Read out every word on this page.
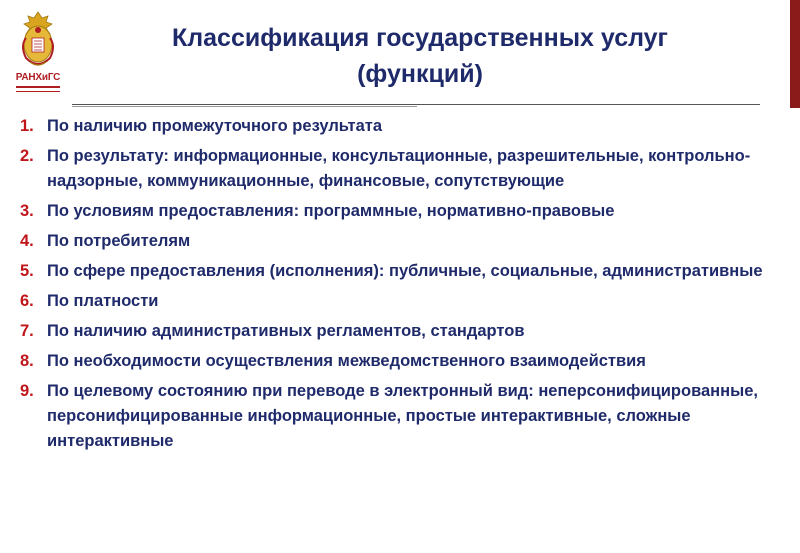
РАНХиГС
Классификация государственных услуг
(функций)
1. По наличию промежуточного результата
2. По результату: информационные, консультационные, разрешительные, контрольно-надзорные, коммуникационные, финансовые, сопутствующие
3. По условиям предоставления: программные, нормативно-правовые
4. По потребителям
5. По сфере предоставления (исполнения): публичные, социальные, административные
6. По платности
7. По наличию административных регламентов, стандартов
8. По необходимости осуществления межведомственного взаимодействия
9. По целевому состоянию при переводе в электронный вид: неперсонифицированные, персонифицированные информационные, простые интерактивные, сложные интерактивные
